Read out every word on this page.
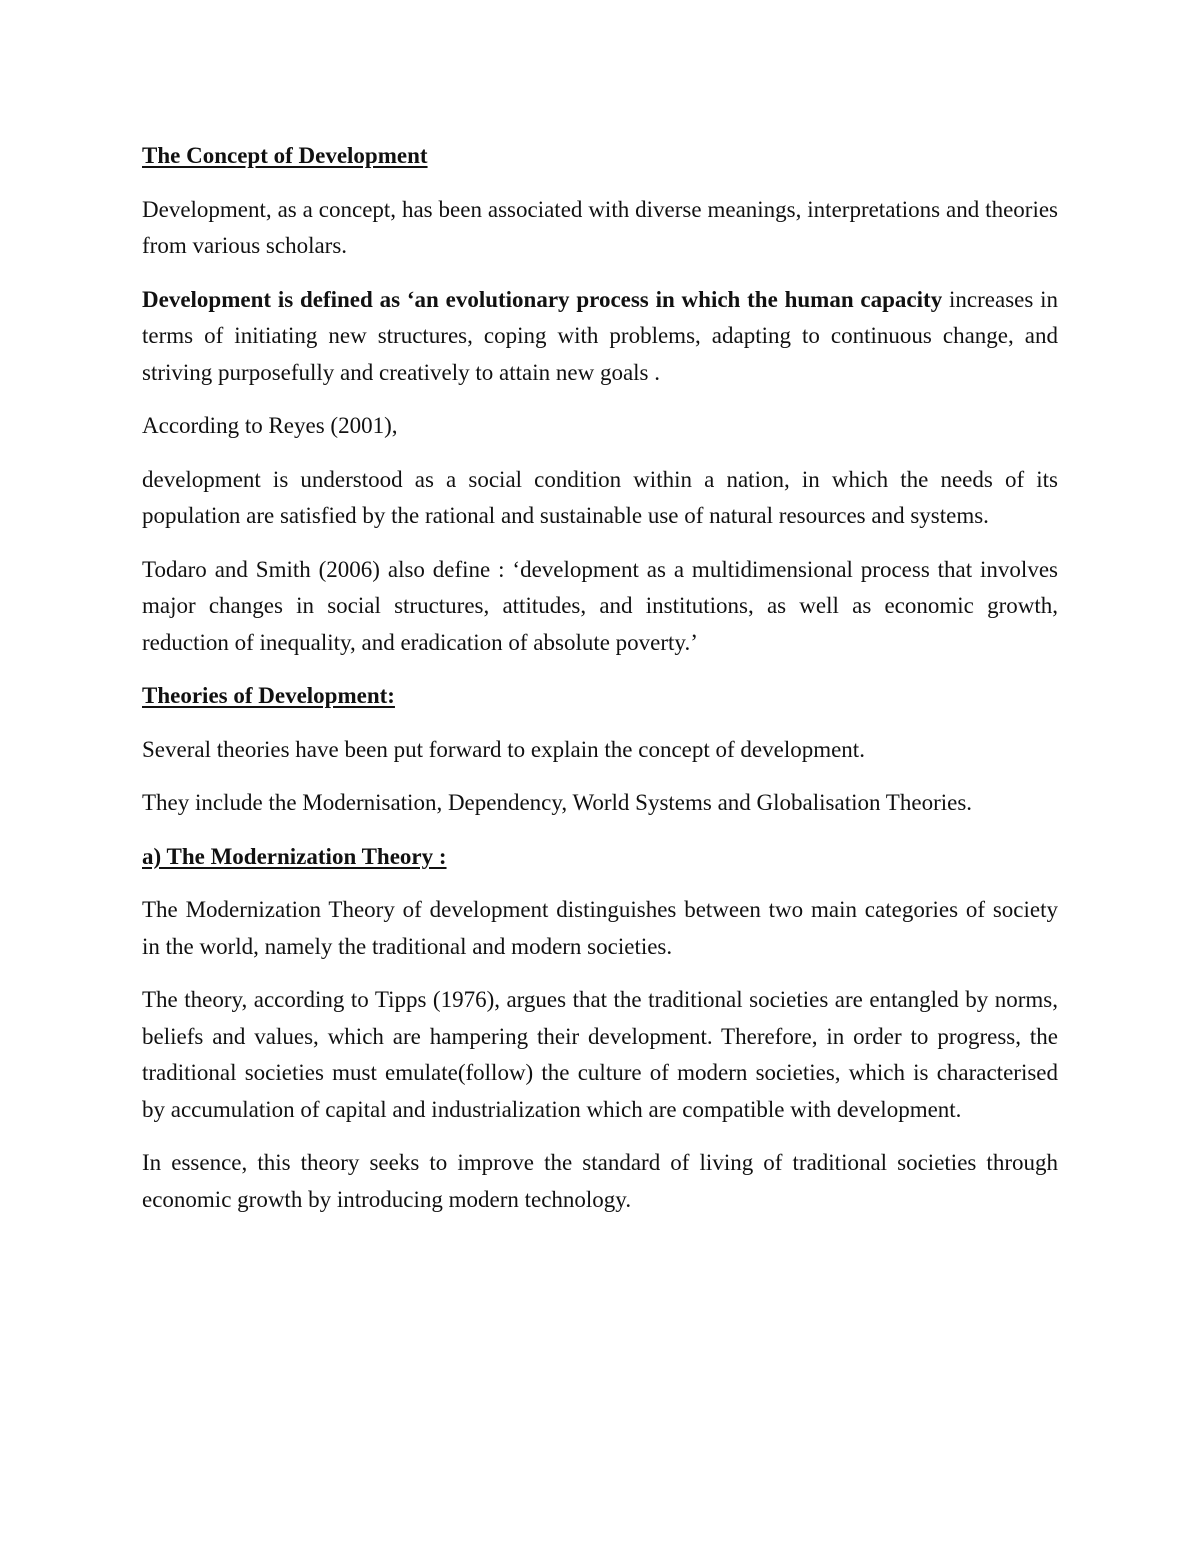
The Concept of Development

Development, as a concept, has been associated with diverse meanings, interpretations and theories from various scholars.

Development is defined as ‘an evolutionary process in which the human capacity increases in terms of initiating new structures, coping with problems, adapting to continuous change, and striving purposefully and creatively to attain new goals .

According to Reyes (2001),

development is understood as a social condition within a nation, in which the needs of its population are satisfied by the rational and sustainable use of natural resources and systems.

Todaro and Smith (2006) also define : ‘development as a multidimensional process that involves major changes in social structures, attitudes, and institutions, as well as economic growth, reduction of inequality, and eradication of absolute poverty.’

Theories of Development:

Several theories have been put forward to explain the concept of development.

They include the Modernisation, Dependency, World Systems and Globalisation Theories.

a) The Modernization Theory :

The Modernization Theory of development distinguishes between two main categories of society in the world, namely the traditional and modern societies.

The theory, according to Tipps (1976), argues that the traditional societies are entangled by norms, beliefs and values, which are hampering their development. Therefore, in order to progress, the traditional societies must emulate(follow) the culture of modern societies, which is characterised by accumulation of capital and industrialization which are compatible with development.

In essence, this theory seeks to improve the standard of living of traditional societies through economic growth by introducing modern technology.
